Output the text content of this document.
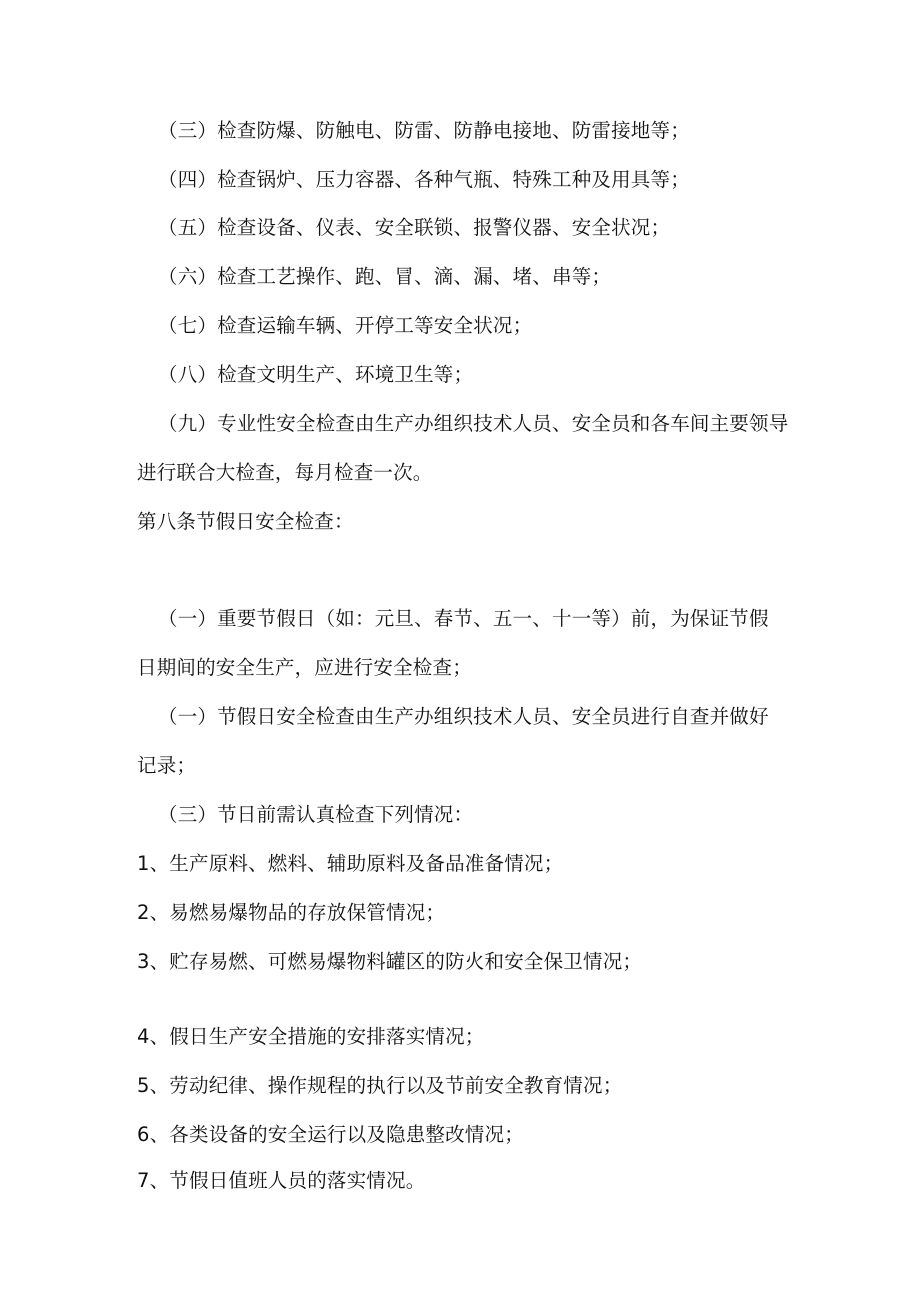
（三）检查防爆、防触电、防雷、防静电接地、防雷接地等；
（四）检查锅炉、压力容器、各种气瓶、特殊工种及用具等；
（五）检查设备、仪表、安全联锁、报警仪器、安全状况；
（六）检查工艺操作、跑、冒、滴、漏、堵、串等；
（七）检查运输车辆、开停工等安全状况；
（八）检查文明生产、环境卫生等；
（九）专业性安全检查由生产办组织技术人员、安全员和各车间主要领导
进行联合大检查，每月检查一次。
第八条节假日安全检查：
（一）重要节假日（如：元旦、春节、五一、十一等）前，为保证节假
日期间的安全生产，应进行安全检查；
（一）节假日安全检查由生产办组织技术人员、安全员进行自查并做好
记录；
（三）节日前需认真检查下列情况：
1、生产原料、燃料、辅助原料及备品准备情况；
2、易燃易爆物品的存放保管情况；
3、贮存易燃、可燃易爆物料罐区的防火和安全保卫情况；
4、假日生产安全措施的安排落实情况；
5、劳动纪律、操作规程的执行以及节前安全教育情况；
6、各类设备的安全运行以及隐患整改情况；
7、节假日值班人员的落实情况。
